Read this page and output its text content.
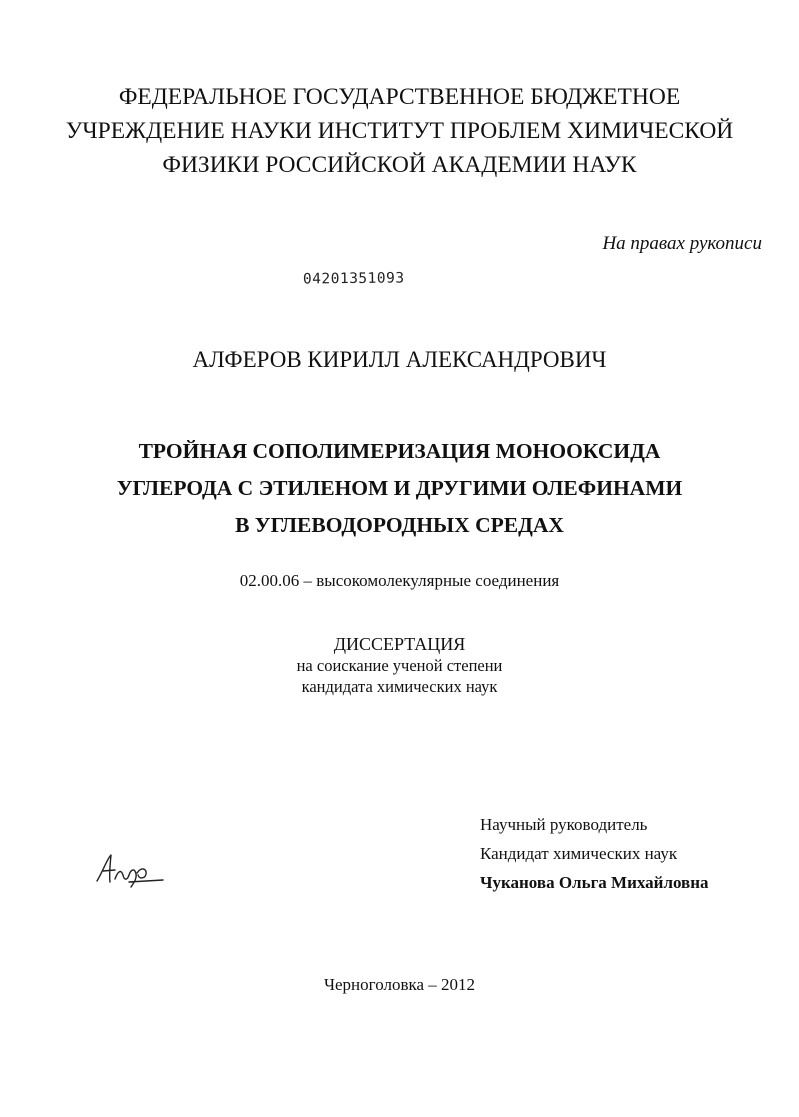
ФЕДЕРАЛЬНОЕ ГОСУДАРСТВЕННОЕ БЮДЖЕТНОЕ
УЧРЕЖДЕНИЕ НАУКИ ИНСТИТУТ ПРОБЛЕМ ХИМИЧЕСКОЙ
ФИЗИКИ РОССИЙСКОЙ АКАДЕМИИ НАУК
На правах рукописи
04201351093
АЛФЕРОВ КИРИЛЛ АЛЕКСАНДРОВИЧ
ТРОЙНАЯ СОПОЛИМЕРИЗАЦИЯ МОНООКСИДА
УГЛЕРОДА С ЭТИЛЕНОМ И ДРУГИМИ ОЛЕФИНАМИ
В УГЛЕВОДОРОДНЫХ СРЕДАХ
02.00.06 – высокомолекулярные соединения
ДИССЕРТАЦИЯ
на соискание ученой степени
кандидата химических наук
Научный руководитель
Кандидат химических наук
Чуканова Ольга Михайловна
Черноголовка – 2012
